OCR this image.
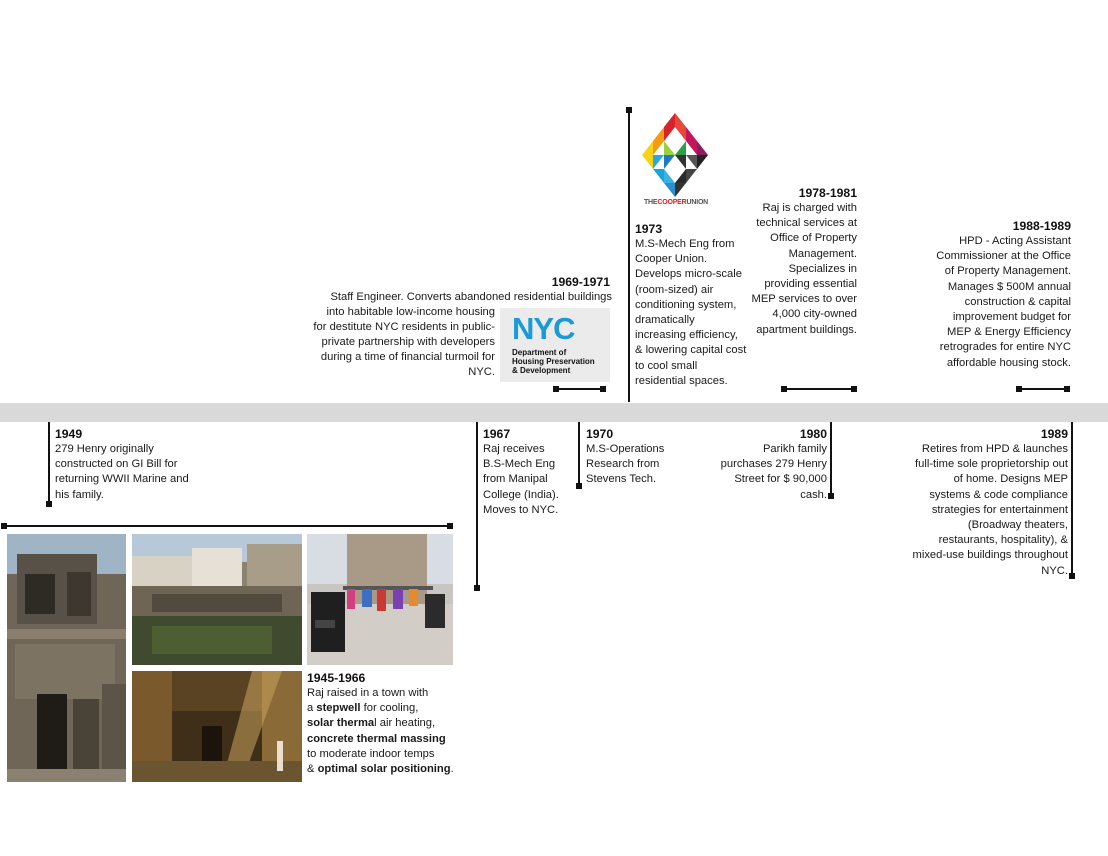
1949
279 Henry originally constructed on GI Bill for returning WWII Marine and his family.
1945-1966
Raj raised in a town with
a stepwell for cooling,
solar thermal air heating,
concrete thermal massing
to moderate indoor temps
& optimal solar positioning.
1969-1971
NYC
Department of
Housing Preservation
& Development
Staff Engineer. Converts abandoned residential buildings
into habitable low-income housing
for destitute NYC residents in public-
private partnership with developers
during a time of financial turmoil for
NYC.
1967
Raj receives B.S-Mech Eng from Manipal College (India). Moves to NYC.
1970
M.S-Operations Research from Stevens Tech.
THECOOPERUNION
1973
M.S-Mech Eng from Cooper Union. Develops micro-scale (room-sized) air conditioning system, dramatically increasing efficiency, & lowering capital cost to cool small residential spaces.
1978-1981
Raj is charged with technical services at Office of Property Management. Specializes in providing essential MEP services to over 4,000 city-owned apartment buildings.
1980
Parikh family purchases 279 Henry Street for $ 90,000 cash.
1988-1989
HPD - Acting Assistant Commissioner at the Office of Property Management. Manages $ 500M annual construction & capital improvement budget for MEP & Energy Efficiency retrogrades for entire NYC affordable housing stock.
1989
Retires from HPD & launches full-time sole proprietorship out of home. Designs MEP systems & code compliance strategies for entertainment (Broadway theaters, restaurants, hospitality), & mixed-use buildings throughout NYC.
